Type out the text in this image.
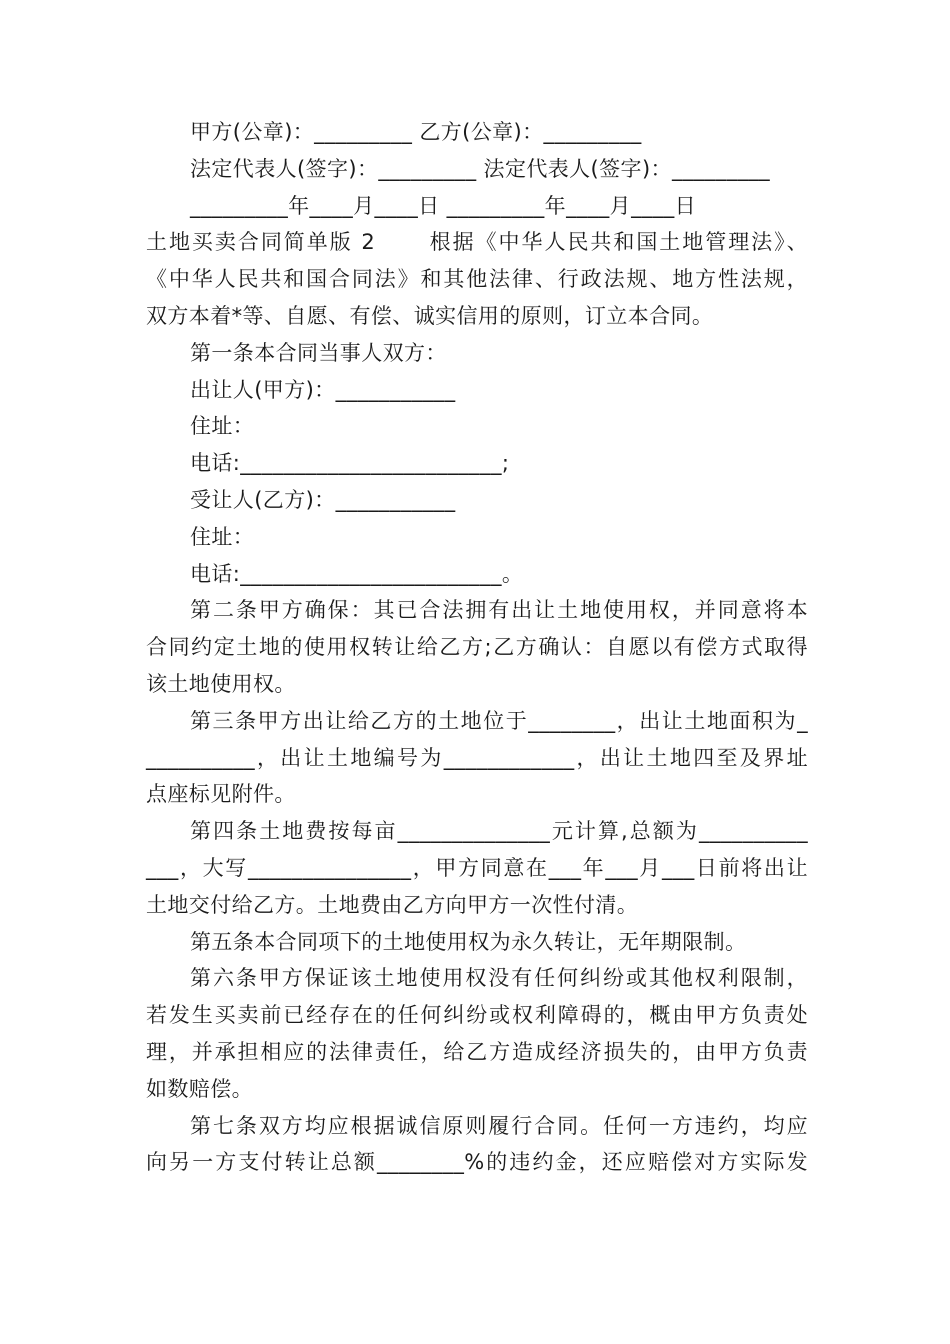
甲方(公章)：_________ 乙方(公章)：_________

法定代表人(签字)：_________ 法定代表人(签字)：_________

_________年____月____日 _________年____月____日

土地买卖合同简单版 2 　　根据《中华人民共和国土地管理法》、

《中华人民共和国合同法》和其他法律、行政法规、地方性法规，

双方本着*等、自愿、有偿、诚实信用的原则，订立本合同。

第一条本合同当事人双方：

出让人(甲方)：___________

住址：

电话:________________________;

受让人(乙方)：___________

住址：

电话:________________________。

第二条甲方确保：其已合法拥有出让土地使用权，并同意将本

合同约定土地的使用权转让给乙方;乙方确认：自愿以有偿方式取得

该土地使用权。

第三条甲方出让给乙方的土地位于________，出让土地面积为_

__________，出让土地编号为____________，出让土地四至及界址

点座标见附件。

第四条土地费按每亩______________元计算,总额为__________

___，大写_______________，甲方同意在___年___月___日前将出让

土地交付给乙方。土地费由乙方向甲方一次性付清。

第五条本合同项下的土地使用权为永久转让，无年期限制。

第六条甲方保证该土地使用权没有任何纠纷或其他权利限制，

若发生买卖前已经存在的任何纠纷或权利障碍的，概由甲方负责处

理，并承担相应的法律责任，给乙方造成经济损失的，由甲方负责

如数赔偿。

第七条双方均应根据诚信原则履行合同。任何一方违约，均应

向另一方支付转让总额________%的违约金，还应赔偿对方实际发
